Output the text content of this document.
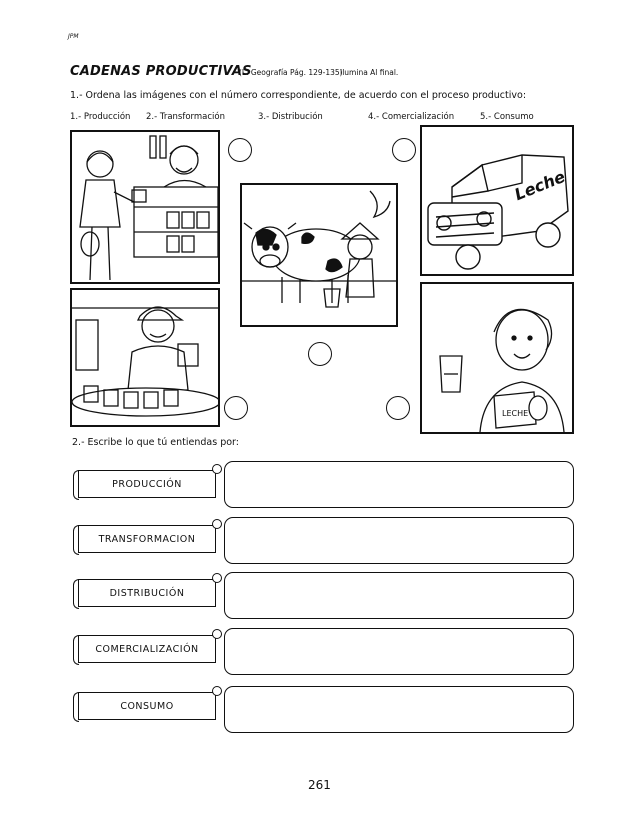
JPM
CADENAS PRODUCTIVAS
(L. Geografía Pág. 129-135)
Ilumina Al final.
1.- Ordena las imágenes con el número correspondiente, de acuerdo con el proceso productivo:
1.- Producción 2.- Transformación	3.- Distribución	4.- Comercialización	5.- Consumo
Leche
LECHE
2.- Escribe lo que tú entiendas por:
PRODUCCIÓN
TRANSFORMACION
DISTRIBUCIÓN
COMERCIALIZACIÓN
CONSUMO
261
